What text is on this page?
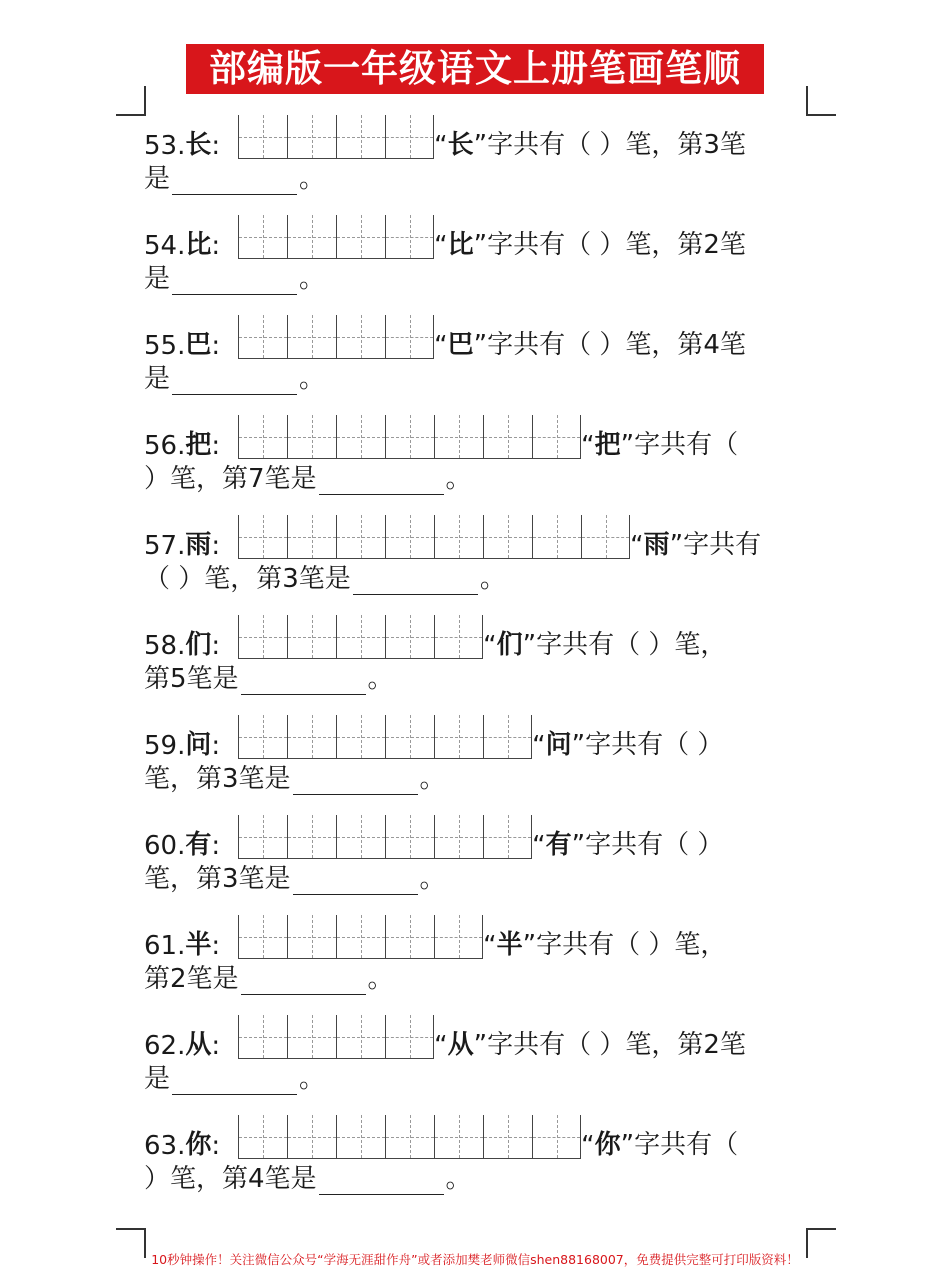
部编版一年级语文上册笔画笔顺
53. 长 :	“ 长 ”字共有（ ）笔，第3笔
是	。
54. 比 :	“ 比 ”字共有（ ）笔，第2笔
是	。
55. 巴 :	“ 巴 ”字共有（ ）笔，第4笔
是	。
56. 把 :	“ 把 ”字共有（
）笔，第7笔是	。
57. 雨 :	“ 雨 ”字共有
（ ）笔，第3笔是	。
58. 们 :	“ 们 ”字共有（ ）笔，
第5笔是	。
59. 问 :	“ 问 ”字共有（ ）
笔，第3笔是	。
60. 有 :	“ 有 ”字共有（ ）
笔，第3笔是	。
61. 半 :	“ 半 ”字共有（ ）笔，
第2笔是	。
62. 从 :	“ 从 ”字共有（ ）笔，第2笔
是	。
63. 你 :	“ 你 ”字共有（
）笔，第4笔是	。
10秒钟操作！关注微信公众号“学海无涯甜作舟”或者添加樊老师微信shen88168007，免费提供完整可打印版资料！
